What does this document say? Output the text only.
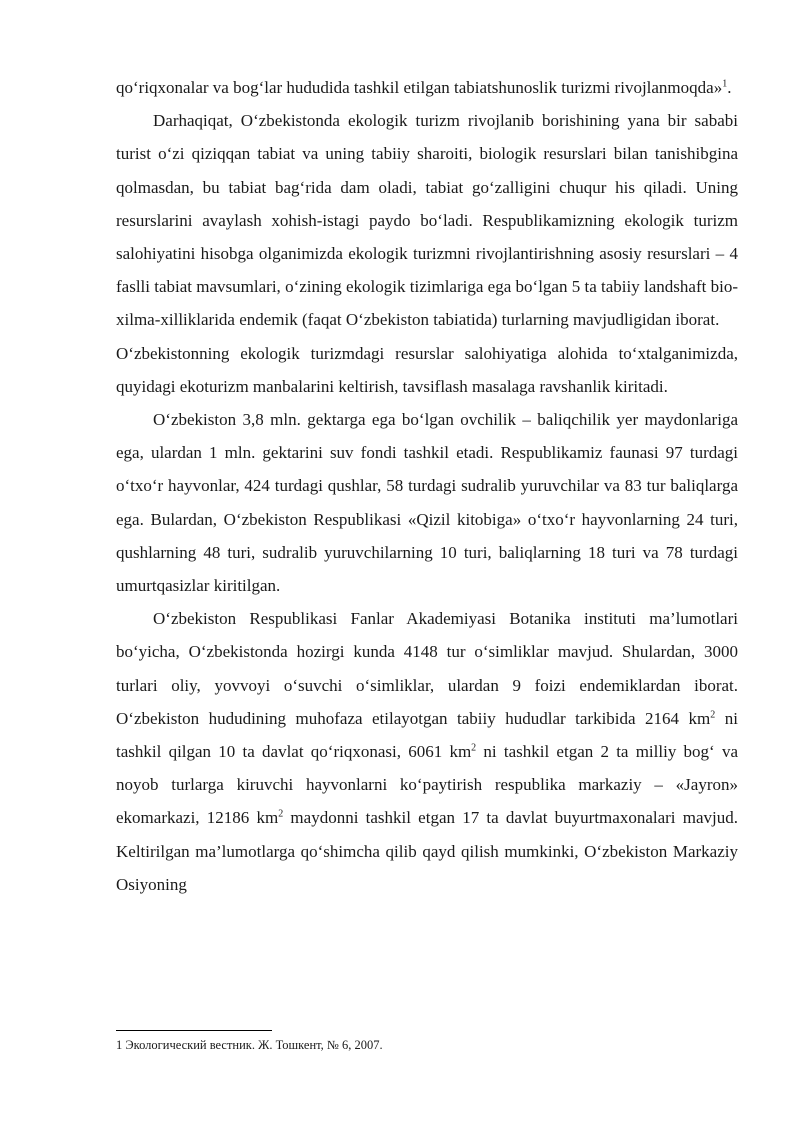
qo‘riqxonalar va bog‘lar hududida tashkil etilgan tabiatshunoslik turizmi rivojlanmoqda»$^1$.

Darhaqiqat, O‘zbekistonda ekologik turizm rivojlanib borishining yana bir sababi turist o‘zi qiziqqan tabiat va uning tabiiy sharoiti, biologik resurslari bilan tanishibgina qolmasdan, bu tabiat bag‘rida dam oladi, tabiat go‘zalligini chuqur his qiladi. Uning resurslarini avaylash xohish-istagi paydo bo‘ladi. Respublikamizning ekologik turizm salohiyatini hisobga olganimizda ekologik turizmni rivojlantirishning asosiy resurslari – 4 faslli tabiat mavsumlari, o‘zining ekologik tizimlariga ega bo‘lgan 5 ta tabiiy landshaft bio-xilma-xilliklarida endemik (faqat O‘zbekiston tabiatida) turlarning mavjudligidan iborat.

O‘zbekistonning ekologik turizmdagi resurslar salohiyatiga alohida to‘xtalganimizda, quyidagi ekoturizm manbalarini keltirish, tavsiflash masalaga ravshanlik kiritadi.

O‘zbekiston 3,8 mln. gektarga ega bo‘lgan ovchilik – baliqchilik yer maydonlariga ega, ulardan 1 mln. gektarini suv fondi tashkil etadi. Respublikamiz faunasi 97 turdagi o‘txo‘r hayvonlar, 424 turdagi qushlar, 58 turdagi sudralib yuruvchilar va 83 tur baliqlarga ega. Bulardan, O‘zbekiston Respublikasi «Qizil kitobiga» o‘txo‘r hayvonlarning 24 turi, qushlarning 48 turi, sudralib yuruvchilarning 10 turi, baliqlarning 18 turi va 78 turdagi umurtqasizlar kiritilgan.

O‘zbekiston Respublikasi Fanlar Akademiyasi Botanika instituti ma’lumotlari bo‘yicha, O‘zbekistonda hozirgi kunda 4148 tur o‘simliklar mavjud. Shulardan, 3000 turlari oliy, yovvoyi o‘suvchi o‘simliklar, ulardan 9 foizi endemiklardan iborat. O‘zbekiston hududining muhofaza etilayotgan tabiiy hududlar tarkibida 2164 $km^2$ ni tashkil qilgan 10 ta davlat qo‘riqxonasi, 6061 $km^2$ ni tashkil etgan 2 ta milliy bog‘ va noyob turlarga kiruvchi hayvonlarni ko‘paytirish respublika markaziy – «Jayron» ekomarkazi, 12186 $km^2$ maydonni tashkil etgan 17 ta davlat buyurtmaxonalari mavjud. Keltirilgan ma’lumotlarga qo‘shimcha qilib qayd qilish mumkinki, O‘zbekiston Markaziy Osiyoning

1 Экологический вестник. Ж. Тошкент, № 6, 2007.
